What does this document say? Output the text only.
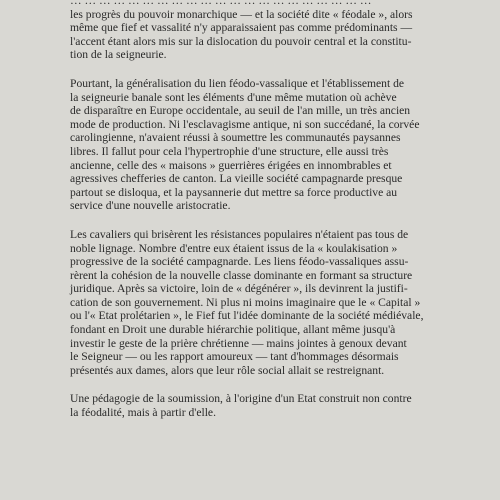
… … … … … … … … … … … … … … … … … … … … …
les progrès du pouvoir monarchique — et la société dite « féodale », alors
même que fief et vassalité n'y apparaissaient pas comme prédominants —
l'accent étant alors mis sur la dislocation du pouvoir central et la constitu-
tion de la seigneurie.

Pourtant, la généralisation du lien féodo-vassalique et l'établissement de
la seigneurie banale sont les éléments d'une même mutation où achève
de disparaître en Europe occidentale, au seuil de l'an mille, un très ancien
mode de production. Ni l'esclavagisme antique, ni son succédané, la corvée
carolingienne, n'avaient réussi à soumettre les communautés paysannes
libres. Il fallut pour cela l'hypertrophie d'une structure, elle aussi très
ancienne, celle des « maisons » guerrières érigées en innombrables et
agressives chefferies de canton. La vieille société campagnarde presque
partout se disloqua, et la paysannerie dut mettre sa force productive au
service d'une nouvelle aristocratie.

Les cavaliers qui brisèrent les résistances populaires n'étaient pas tous de
noble lignage. Nombre d'entre eux étaient issus de la « koulakisation »
progressive de la société campagnarde. Les liens féodo-vassaliques assu-
rèrent la cohésion de la nouvelle classe dominante en formant sa structure
juridique. Après sa victoire, loin de « dégénérer », ils devinrent la justifi-
cation de son gouvernement. Ni plus ni moins imaginaire que le « Capital »
ou l'« Etat prolétarien », le Fief fut l'idée dominante de la société médiévale,
fondant en Droit une durable hiérarchie politique, allant même jusqu'à
investir le geste de la prière chrétienne — mains jointes à genoux devant
le Seigneur — ou les rapport amoureux — tant d'hommages désormais
présentés aux dames, alors que leur rôle social allait se restreignant.

Une pédagogie de la soumission, à l'origine d'un Etat construit non contre
la féodalité, mais à partir d'elle.
